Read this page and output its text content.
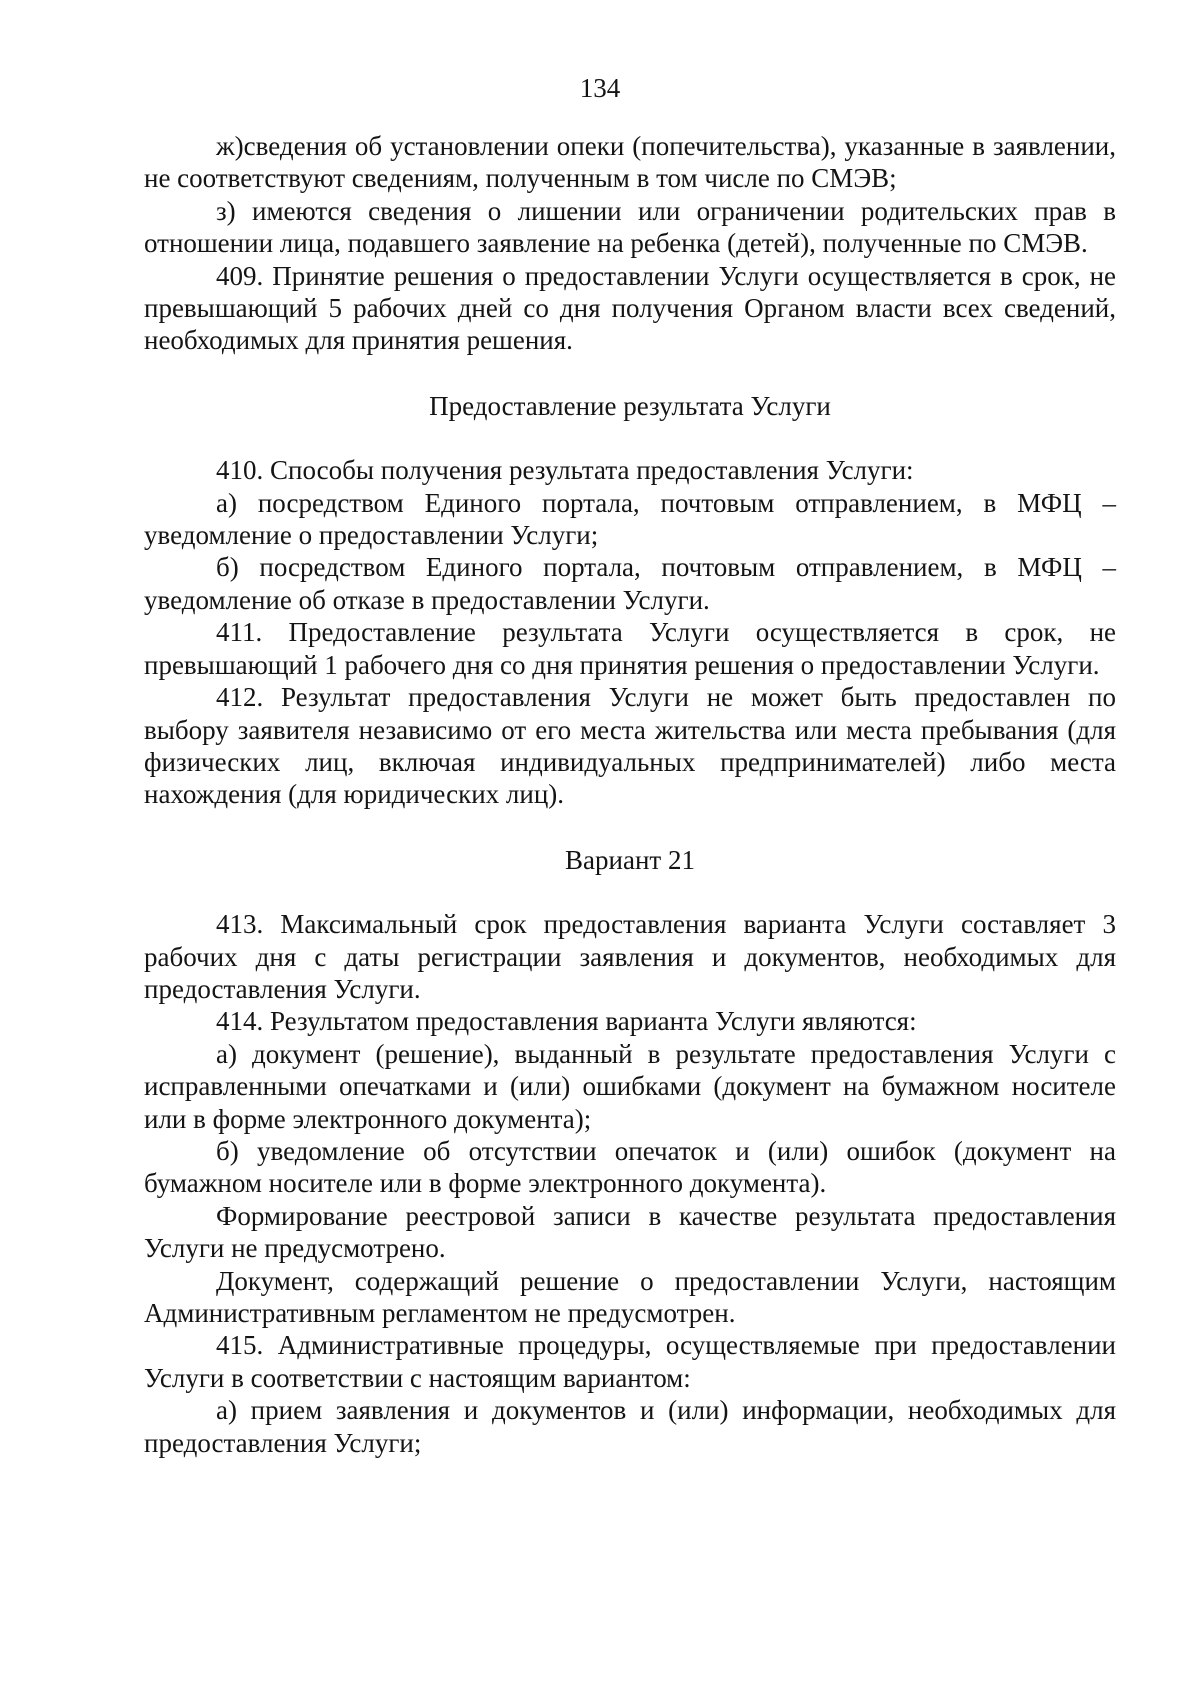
134

ж)сведения об установлении опеки (попечительства), указанные в заявлении, не соответствуют сведениям, полученным в том числе по СМЭВ;

з) имеются сведения о лишении или ограничении родительских прав в отношении лица, подавшего заявление на ребенка (детей), полученные по СМЭВ.

409. Принятие решения о предоставлении Услуги осуществляется в срок, не превышающий 5 рабочих дней со дня получения Органом власти всех сведений, необходимых для принятия решения.

Предоставление результата Услуги

410. Способы получения результата предоставления Услуги:

а) посредством Единого портала, почтовым отправлением, в МФЦ – уведомление о предоставлении Услуги;

б) посредством Единого портала, почтовым отправлением, в МФЦ – уведомление об отказе в предоставлении Услуги.

411. Предоставление результата Услуги осуществляется в срок, не превышающий 1 рабочего дня со дня принятия решения о предоставлении Услуги.

412. Результат предоставления Услуги не может быть предоставлен по выбору заявителя независимо от его места жительства или места пребывания (для физических лиц, включая индивидуальных предпринимателей) либо места нахождения (для юридических лиц).

Вариант 21

413. Максимальный срок предоставления варианта Услуги составляет 3 рабочих дня с даты регистрации заявления и документов, необходимых для предоставления Услуги.

414. Результатом предоставления варианта Услуги являются:

а) документ (решение), выданный в результате предоставления Услуги с исправленными опечатками и (или) ошибками (документ на бумажном носителе или в форме электронного документа);

б) уведомление об отсутствии опечаток и (или) ошибок (документ на бумажном носителе или в форме электронного документа).

Формирование реестровой записи в качестве результата предоставления Услуги не предусмотрено.

Документ, содержащий решение о предоставлении Услуги, настоящим Административным регламентом не предусмотрен.

415. Административные процедуры, осуществляемые при предоставлении Услуги в соответствии с настоящим вариантом:

а) прием заявления и документов и (или) информации, необходимых для предоставления Услуги;
